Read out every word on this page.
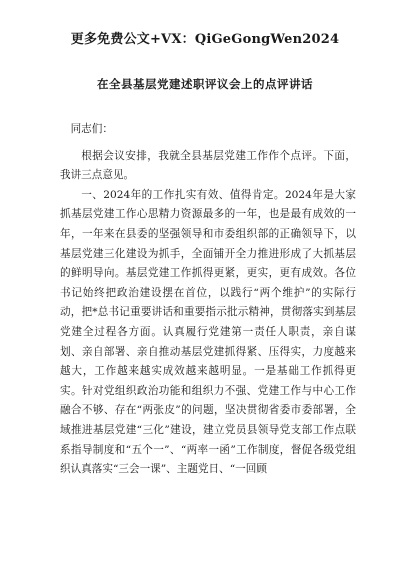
更多免费公文+VX：QiGeGongWen2024
在全县基层党建述职评议会上的点评讲话

同志们：

根据会议安排，我就全县基层党建工作作个点评。下面，我讲三点意见。

一、2024年的工作扎实有效、值得肯定。2024年是大家抓基层党建工作心思精力资源最多的一年，也是最有成效的一年，一年来在县委的坚强领导和市委组织部的正确领导下，以基层党建三化建设为抓手，全面铺开全力推进形成了大抓基层的鲜明导向。基层党建工作抓得更紧，更实，更有成效。各位书记始终把政治建设摆在首位，以践行“两个维护”的实际行动，把*总书记重要讲话和重要指示批示精神，贯彻落实到基层党建全过程各方面。认真履行党建第一责任人职责，亲自谋划、亲自部署、亲自推动基层党建抓得紧、压得实，力度越来越大，工作越来越实成效越来越明显。一是基础工作抓得更实。针对党组织政治功能和组织力不强、党建工作与中心工作融合不够、存在“两张皮”的问题，坚决贯彻省委市委部署，全域推进基层党建“三化”建设，建立党员县领导党支部工作点联系指导制度和“五个一”、“两率一函”工作制度，督促各级党组织认真落实“三会一课”、主题党日、“一回顾
